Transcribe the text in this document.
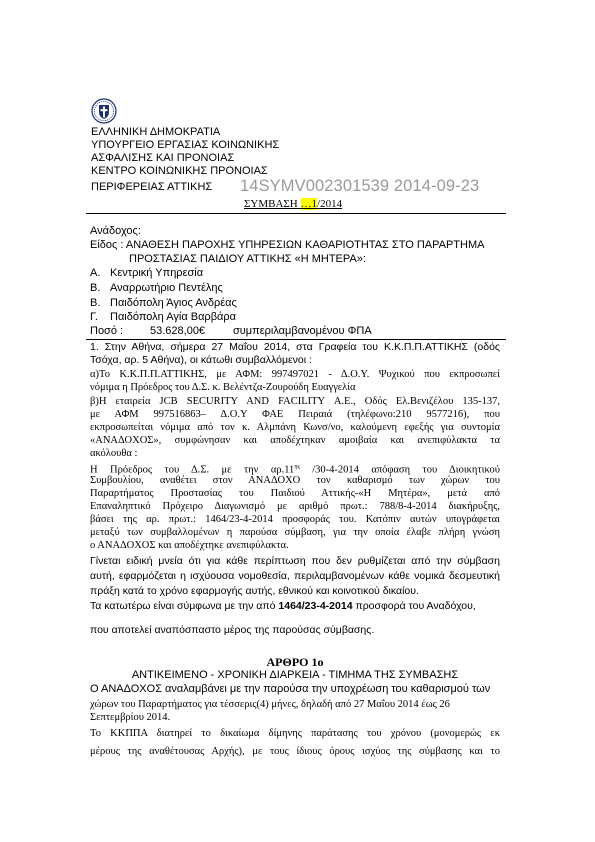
ΕΛΛΗΝΙΚΗ ΔΗΜΟΚΡΑΤΙΑ
ΥΠΟΥΡΓΕΙΟ ΕΡΓΑΣΙΑΣ ΚΟΙΝΩΝΙΚΗΣ
ΑΣΦΑΛΙΣΗΣ ΚΑΙ ΠΡΟΝΟΙΑΣ
ΚΕΝΤΡΟ ΚΟΙΝΩΝΙΚΗΣ ΠΡΟΝΟΙΑΣ
ΠΕΡΙΦΕΡΕΙΑΣ ΑΤΤΙΚΗΣ 14SYMV002301539 2014-09-23
ΣΥΜΒΑΣΗ …1/2014
Ανάδοχος:
Είδος : ΑΝΑΘΕΣΗ ΠΑΡΟΧΗΣ ΥΠΗΡΕΣΙΩΝ ΚΑΘΑΡΙΟΤΗΤΑΣ ΣΤΟ ΠΑΡΑΡΤΗΜΑ
ΠΡΟΣΤΑΣΙΑΣ ΠΑΙΔΙΟΥ ΑΤΤΙΚΗΣ «Η ΜΗΤΕΡΑ»:
Α. Κεντρική Υπηρεσία
Β. Αναρρωτήριο Πεντέλης
Β. Παιδόπολη Άγιος Ανδρέας
Γ. Παιδόπολη Αγία Βαρβάρα
Ποσό : 53.628,00€	συμπεριλαμβανομένου ΦΠΑ
1. Στην Αθήνα, σήμερα 27 Μαΐου 2014, στα Γραφεία του Κ.Κ.Π.Π.ΑΤΤΙΚΗΣ (οδός
Τσόχα, αρ. 5 Αθήνα), οι κάτωθι συμβαλλόμενοι :
α)Το Κ.Κ.Π.Π.ΑΤΤΙΚΗΣ, με ΑΦΜ: 997497021 - Δ.Ο.Υ. Ψυχικού που εκπροσωπεί
νόμιμα η Πρόεδρος του Δ.Σ. κ. Βελέντζα-Ζουρούδη Ευαγγελία
β)Η εταιρεία JCB SECURITY AND FACILITY Α.Ε., Οδός Ελ.Βενιζέλου 135-137,
με ΑΦΜ 997516863– Δ.Ο.Υ ΦΑΕ Πειραιά (τηλέφωνο:210 9577216), που
εκπροσωπείται νόμιμα από τον κ. Αλμπάνη Κωνσ/νο, καλούμενη εφεξής για συντομία
«ΑΝΑΔΟΧΟΣ», συμφώνησαν και αποδέχτηκαν αμοιβαία και ανεπιφύλακτα τα
ακόλουθα :
Η Πρόεδρος του Δ.Σ. με την $\alpha\rho.11^{\eta\varsigma}$ /30-4-2014 απόφαση του Διοικητικού
Συμβουλίου, αναθέτει στον ΑΝΑΔΟΧΟ τον καθαρισμό των χώρων του
Παραρτήματος Προστασίας του Παιδιού Αττικής-«Η Μητέρα», μετά από
Επαναληπτικό Πρόχειρο Διαγωνισμό με αριθμό πρωτ.: 788/8-4-2014 διακήρυξης,
βάσει της αρ. πρωτ.: 1464/23-4-2014 προσφοράς του. Κατόπιν αυτών υπογράφεται
μεταξύ των συμβαλλομένων η παρούσα σύμβαση, για την οποία έλαβε πλήρη γνώση
ο ΑΝΑΔΟΧΟΣ και αποδέχτηκε ανεπιφύλακτα.
Γίνεται ειδική μνεία ότι για κάθε περίπτωση που δεν ρυθμίζεται από την σύμβαση
αυτή, εφαρμόζεται η ισχύουσα νομοθεσία, περιλαμβανομένων κάθε νομικά δεσμευτική
πράξη κατά το χρόνο εφαρμογής αυτής, εθνικού και κοινοτικού δικαίου.
Τα κατωτέρω είναι σύμφωνα με την από 1464/23-4-2014 προσφορά του Αναδόχου,
που αποτελεί αναπόσπαστο μέρος της παρούσας σύμβασης.
ΑΡΘΡΟ 1ο
ΑΝΤΙΚΕΙΜΕΝΟ - ΧΡΟΝΙΚΗ ΔΙΑΡΚΕΙΑ - ΤΙΜΗΜΑ ΤΗΣ ΣΥΜΒΑΣΗΣ
Ο ΑΝΑΔΟΧΟΣ αναλαμβάνει με την παρούσα την υποχρέωση του καθαρισμού των
χώρων του Παραρτήματος για τέσσερις(4) μήνες, δηλαδή από 27 Μαΐου 2014 έως 26
Σεπτεμβρίου 2014.
Το ΚΚΠΠΑ διατηρεί το δικαίωμα δίμηνης παράτασης του χρόνου (μονομερώς εκ
μέρους της αναθέτουσας Αρχής), με τους ίδιους όρους ισχύος της σύμβασης και το
